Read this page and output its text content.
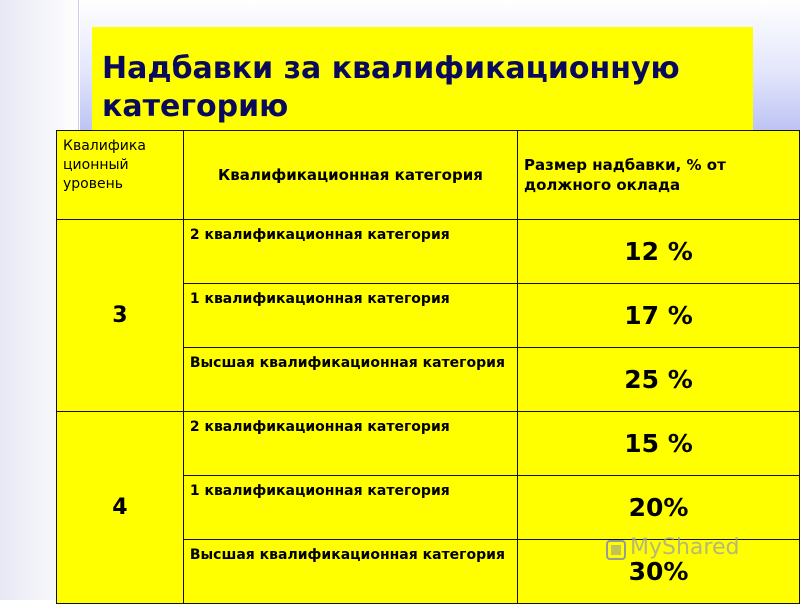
Надбавки за квалификационную категорию
Квалифика ционный уровень	Квалификационная категория	Размер надбавки, % от должного оклада
3	2 квалификационная категория	12 %
	1 квалификационная категория	17 %
	Высшая квалификационная категория	25 %
4	2 квалификационная категория	15 %
	1 квалификационная категория	20%
	Высшая квалификационная категория	30%
MyShared
